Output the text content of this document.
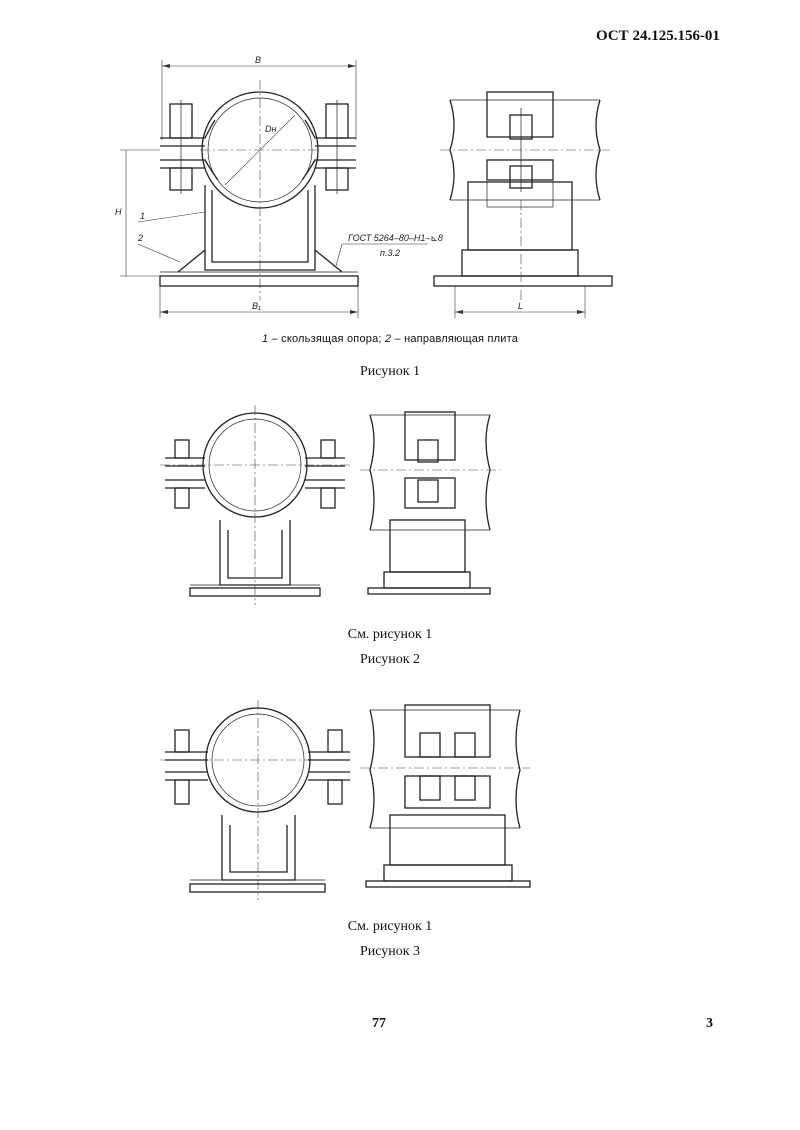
ОСТ 24.125.156-01
В
Dн
Н 1
2	ГОСТ 5264–80–Н1–⊾8
п.3.2
В₁	L
1 – скользящая опора; 2 – направляющая плита
Рисунок 1
См. рисунок 1
Рисунок 2
См. рисунок 1
Рисунок 3
77	3
